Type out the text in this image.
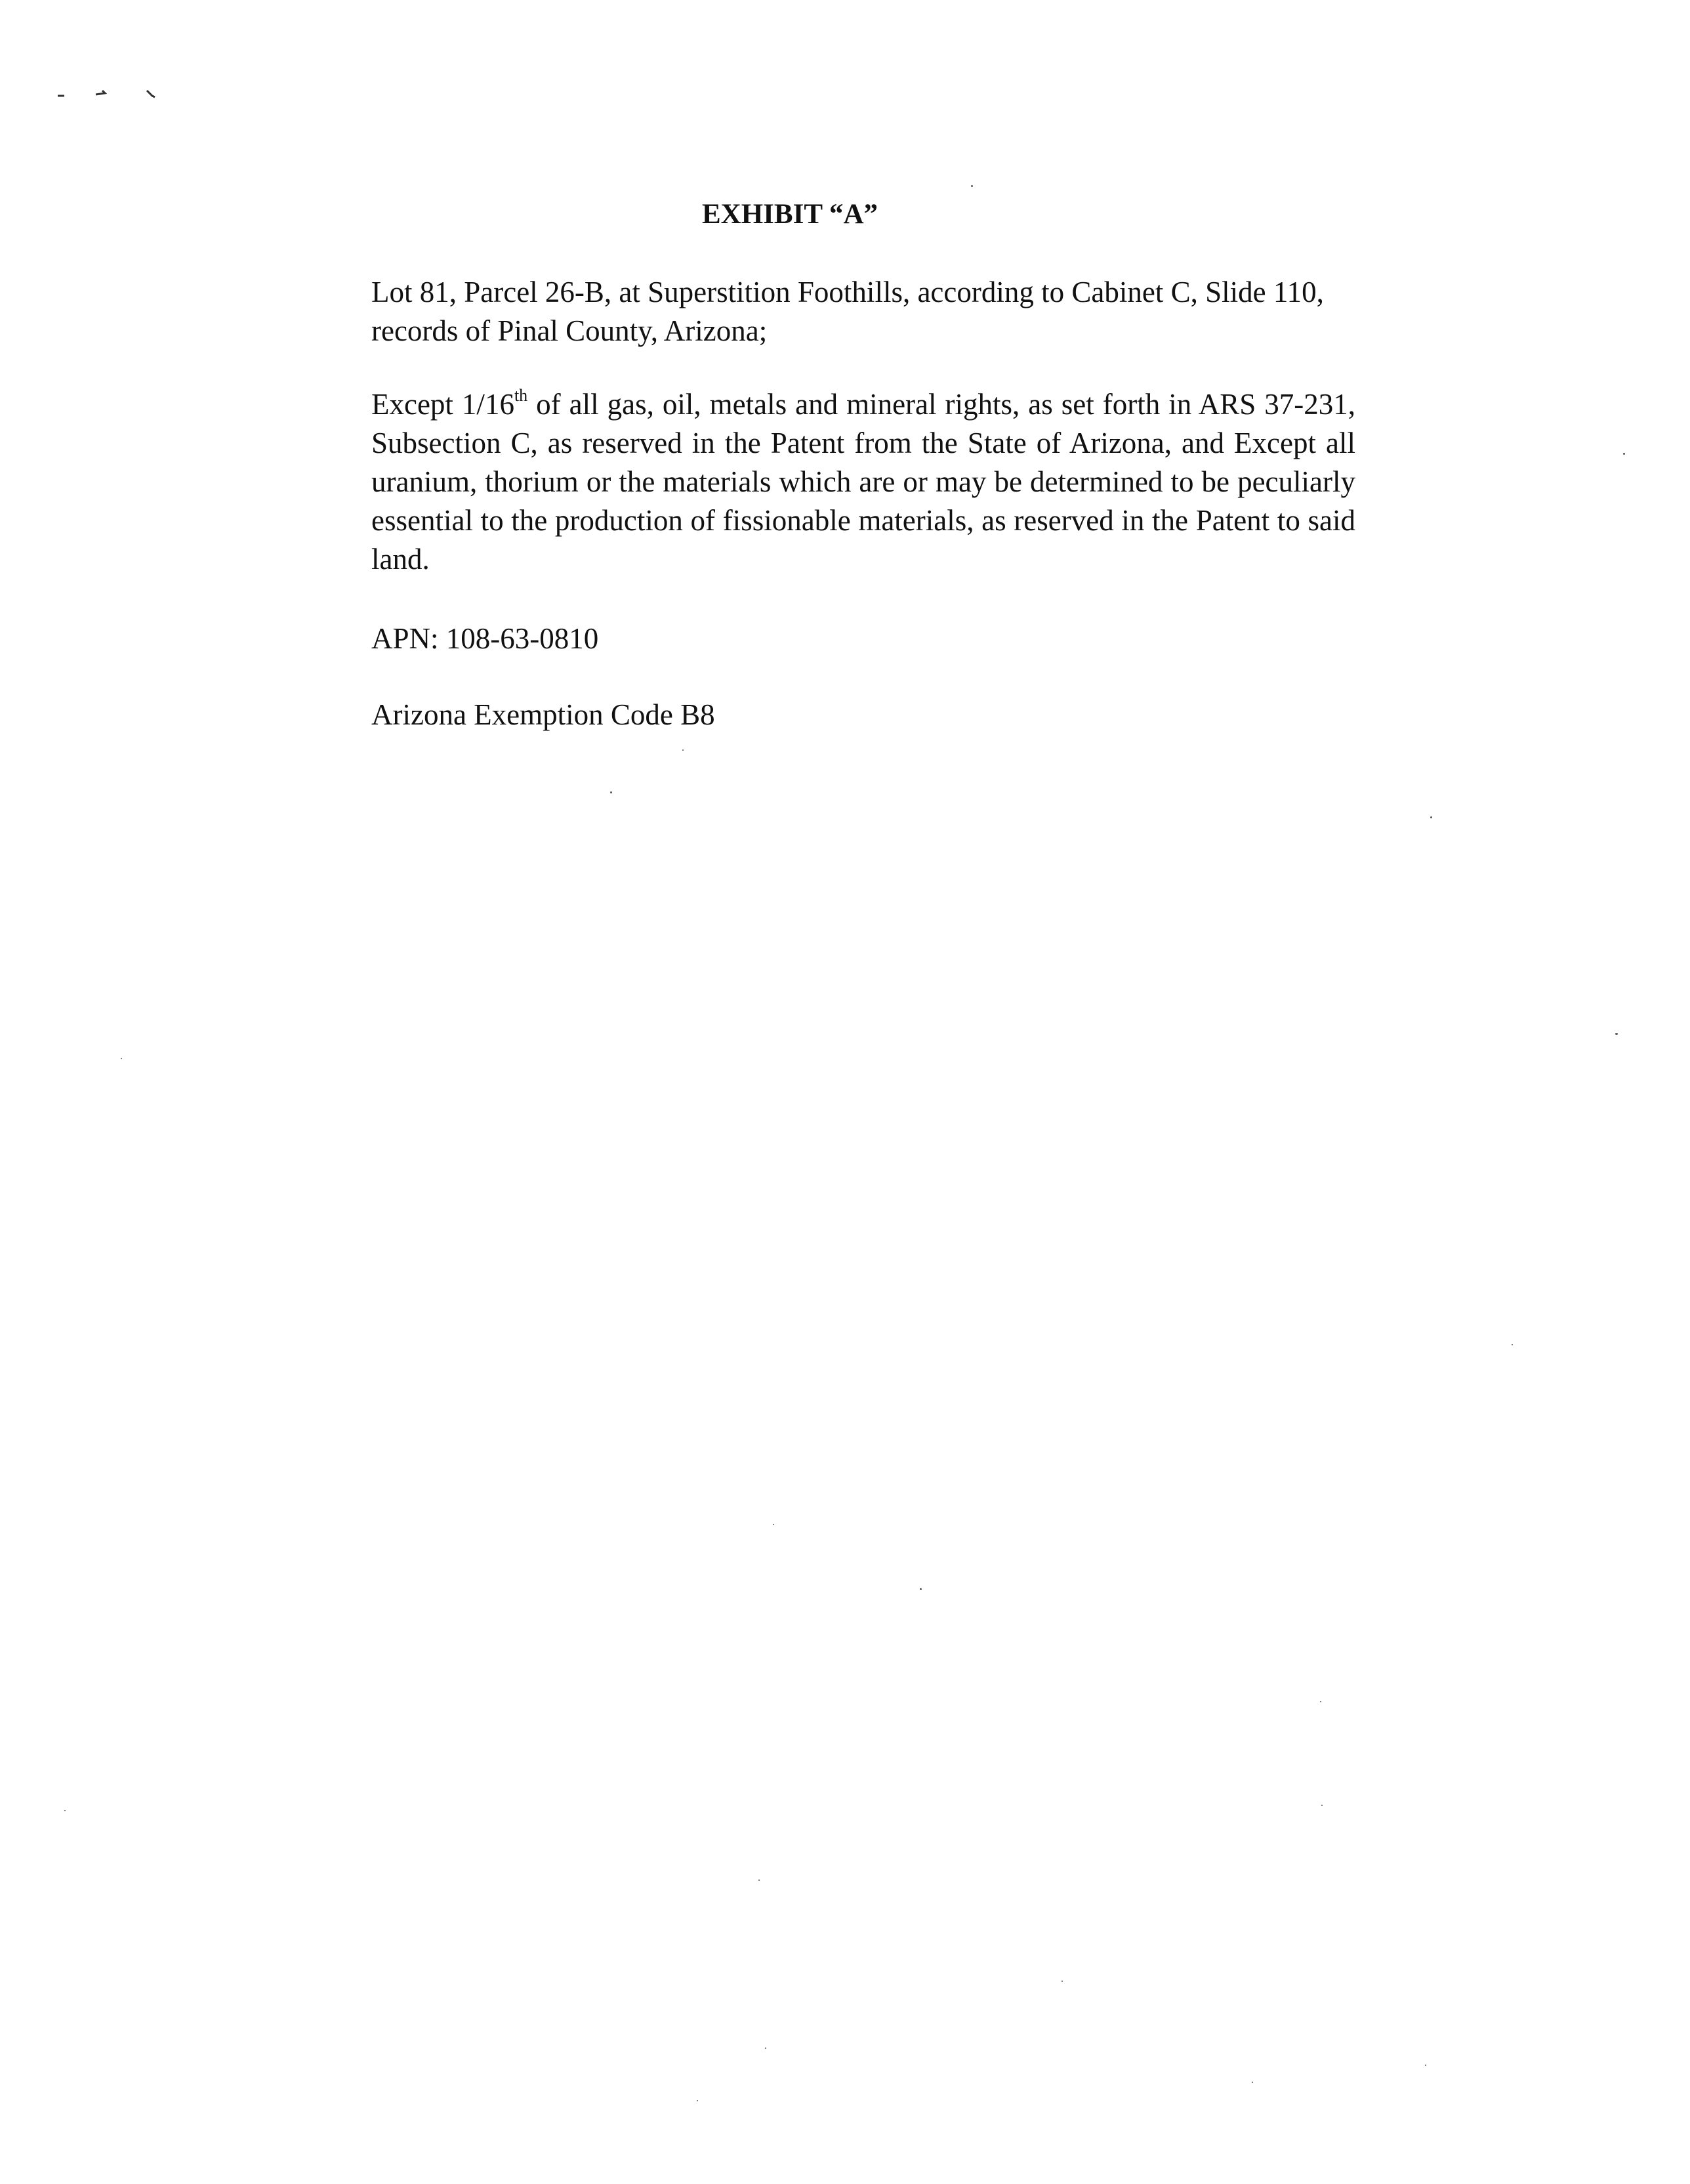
EXHIBIT “A”

Lot 81, Parcel 26-B, at Superstition Foothills, according to Cabinet C, Slide 110, records of Pinal County, Arizona;

Except 1/16th of all gas, oil, metals and mineral rights, as set forth in ARS 37-231, Subsection C, as reserved in the Patent from the State of Arizona, and Except all uranium, thorium or the materials which are or may be determined to be peculiarly essential to the production of fissionable materials, as reserved in the Patent to said land.

APN: 108-63-0810

Arizona Exemption Code B8
